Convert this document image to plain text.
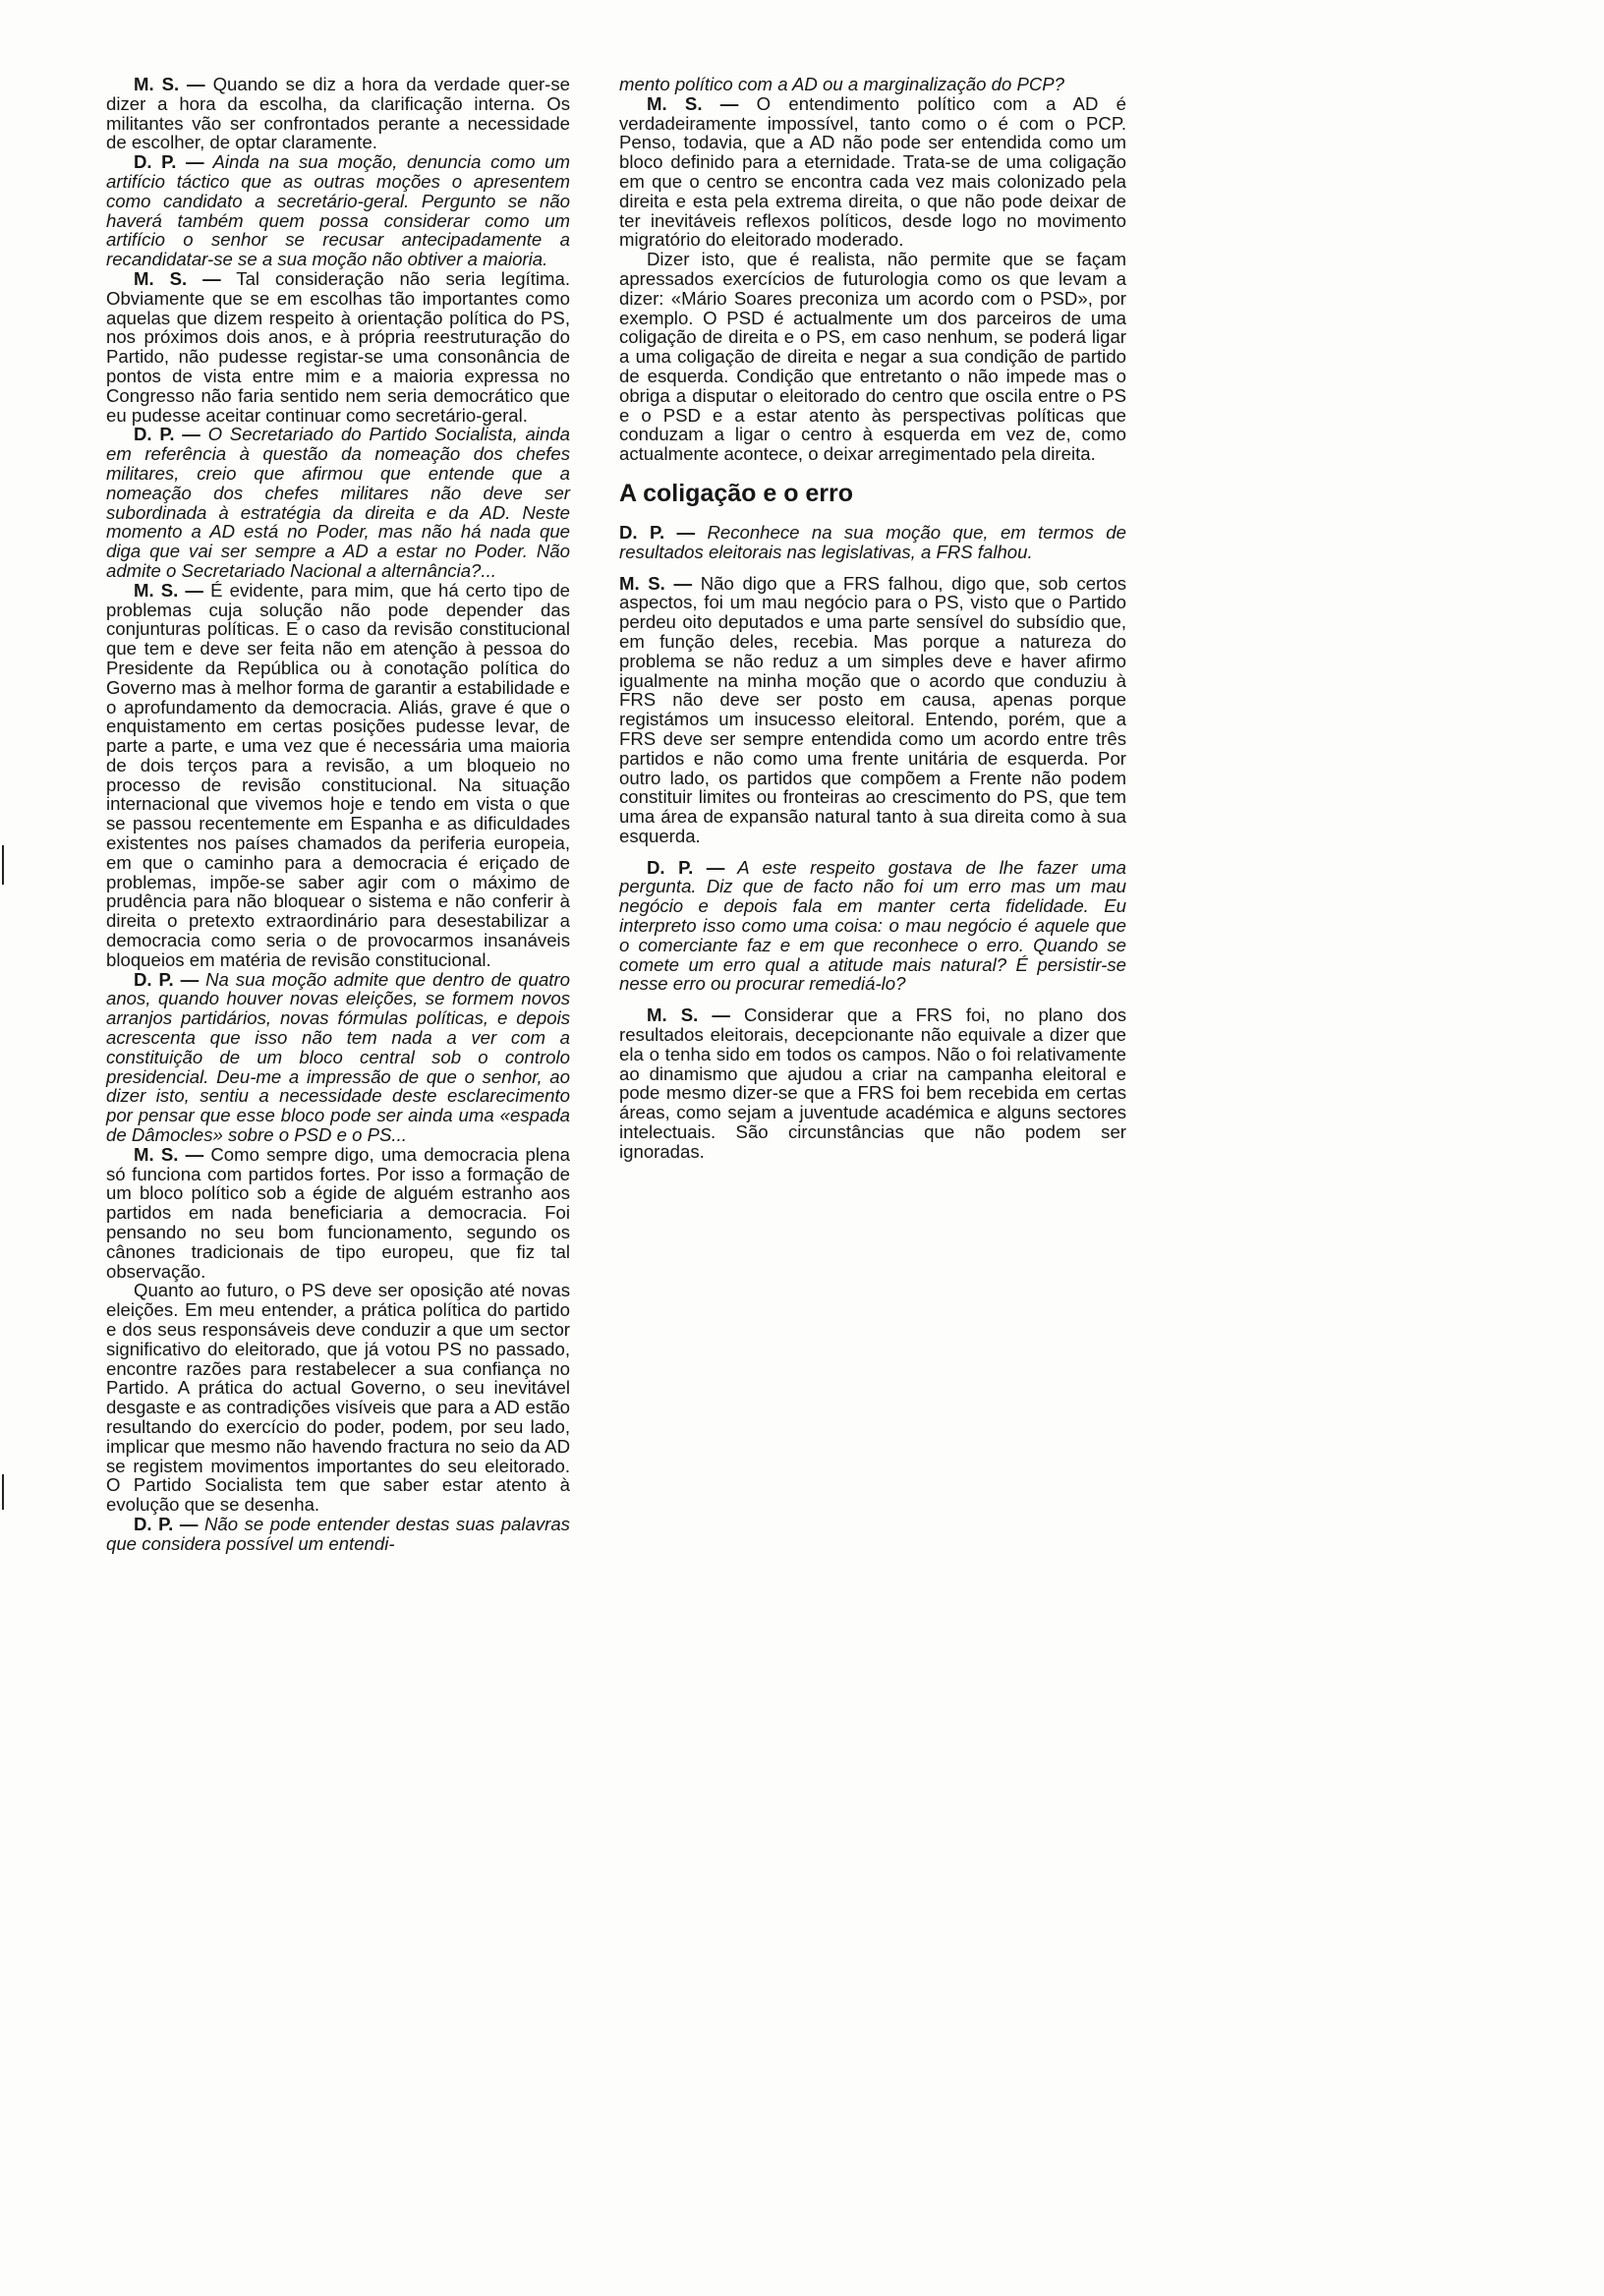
M. S. — Quando se diz a hora da verdade quer-se dizer a hora da escolha, da clarificação interna. Os militantes vão ser confrontados perante a necessidade de escolher, de optar claramente.

D. P. — Ainda na sua moção, denuncia como um artifício táctico que as outras moções o apresentem como candidato a secretário-geral. Pergunto se não haverá também quem possa considerar como um artifício o senhor se recusar antecipadamente a recandidatar-se se a sua moção não obtiver a maioria.

M. S. — Tal consideração não seria legítima. Obviamente que se em escolhas tão importantes como aquelas que dizem respeito à orientação política do PS, nos próximos dois anos, e à própria reestruturação do Partido, não pudesse registar-se uma consonância de pontos de vista entre mim e a maioria expressa no Congresso não faria sentido nem seria democrático que eu pudesse aceitar continuar como secretário-geral.

D. P. — O Secretariado do Partido Socialista, ainda em referência à questão da nomeação dos chefes militares, creio que afirmou que entende que a nomeação dos chefes militares não deve ser subordinada à estratégia da direita e da AD. Neste momento a AD está no Poder, mas não há nada que diga que vai ser sempre a AD a estar no Poder. Não admite o Secretariado Nacional a alternância?...

M. S. — É evidente, para mim, que há certo tipo de problemas cuja solução não pode depender das conjunturas políticas. E o caso da revisão constitucional que tem e deve ser feita não em atenção à pessoa do Presidente da República ou à conotação política do Governo mas à melhor forma de garantir a estabilidade e o aprofundamento da democracia. Aliás, grave é que o enquistamento em certas posições pudesse levar, de parte a parte, e uma vez que é necessária uma maioria de dois terços para a revisão, a um bloqueio no processo de revisão constitucional. Na situação internacional que vivemos hoje e tendo em vista o que se passou recentemente em Espanha e as dificuldades existentes nos países chamados da periferia europeia, em que o caminho para a democracia é eriçado de problemas, impõe-se saber agir com o máximo de prudência para não bloquear o sistema e não conferir à direita o pretexto extraordinário para desestabilizar a democracia como seria o de provocarmos insanáveis bloqueios em matéria de revisão constitucional.

D. P. — Na sua moção admite que dentro de quatro anos, quando houver novas eleições, se formem novos arranjos partidários, novas fórmulas políticas, e depois acrescenta que isso não tem nada a ver com a constituição de um bloco central sob o controlo presidencial. Deu-me a impressão de que o senhor, ao dizer isto, sentiu a necessidade deste esclarecimento por pensar que esse bloco pode ser ainda uma «espada de Dâmocles» sobre o PSD e o PS...

M. S. — Como sempre digo, uma democracia plena só funciona com partidos fortes. Por isso a formação de um bloco político sob a égide de alguém estranho aos partidos em nada beneficiaria a democracia. Foi pensando no seu bom funcionamento, segundo os cânones tradicionais de tipo europeu, que fiz tal observação.

Quanto ao futuro, o PS deve ser oposição até novas eleições. Em meu entender, a prática política do partido e dos seus responsáveis deve conduzir a que um sector significativo do eleitorado, que já votou PS no passado, encontre razões para restabelecer a sua confiança no Partido. A prática do actual Governo, o seu inevitável desgaste e as contradições visíveis que para a AD estão resultando do exercício do poder, podem, por seu lado, implicar que mesmo não havendo fractura no seio da AD se registem movimentos importantes do seu eleitorado. O Partido Socialista tem que saber estar atento à evolução que se desenha.

D. P. — Não se pode entender destas suas palavras que considera possível um entendi-

mento político com a AD ou a marginalização do PCP?

M. S. — O entendimento político com a AD é verdadeiramente impossível, tanto como o é com o PCP. Penso, todavia, que a AD não pode ser entendida como um bloco definido para a eternidade. Trata-se de uma coligação em que o centro se encontra cada vez mais colonizado pela direita e esta pela extrema direita, o que não pode deixar de ter inevitáveis reflexos políticos, desde logo no movimento migratório do eleitorado moderado.

Dizer isto, que é realista, não permite que se façam apressados exercícios de futurologia como os que levam a dizer: «Mário Soares preconiza um acordo com o PSD», por exemplo. O PSD é actualmente um dos parceiros de uma coligação de direita e o PS, em caso nenhum, se poderá ligar a uma coligação de direita e negar a sua condição de partido de esquerda. Condição que entretanto o não impede mas o obriga a disputar o eleitorado do centro que oscila entre o PS e o PSD e a estar atento às perspectivas políticas que conduzam a ligar o centro à esquerda em vez de, como actualmente acontece, o deixar arregimentado pela direita.

A coligação e o erro

D. P. — Reconhece na sua moção que, em termos de resultados eleitorais nas legislativas, a FRS falhou.

M. S. — Não digo que a FRS falhou, digo que, sob certos aspectos, foi um mau negócio para o PS, visto que o Partido perdeu oito deputados e uma parte sensível do subsídio que, em função deles, recebia. Mas porque a natureza do problema se não reduz a um simples deve e haver afirmo igualmente na minha moção que o acordo que conduziu à FRS não deve ser posto em causa, apenas porque registámos um insucesso eleitoral. Entendo, porém, que a FRS deve ser sempre entendida como um acordo entre três partidos e não como uma frente unitária de esquerda. Por outro lado, os partidos que compõem a Frente não podem constituir limites ou fronteiras ao crescimento do PS, que tem uma área de expansão natural tanto à sua direita como à sua esquerda.

D. P. — A este respeito gostava de lhe fazer uma pergunta. Diz que de facto não foi um erro mas um mau negócio e depois fala em manter certa fidelidade. Eu interpreto isso como uma coisa: o mau negócio é aquele que o comerciante faz e em que reconhece o erro. Quando se comete um erro qual a atitude mais natural? É persistir-se nesse erro ou procurar remediá-lo?

M. S. — Considerar que a FRS foi, no plano dos resultados eleitorais, decepcionante não equivale a dizer que ela o tenha sido em todos os campos. Não o foi relativamente ao dinamismo que ajudou a criar na campanha eleitoral e pode mesmo dizer-se que a FRS foi bem recebida em certas áreas, como sejam a juventude académica e alguns sectores intelectuais. São circunstâncias que não podem ser ignoradas.
